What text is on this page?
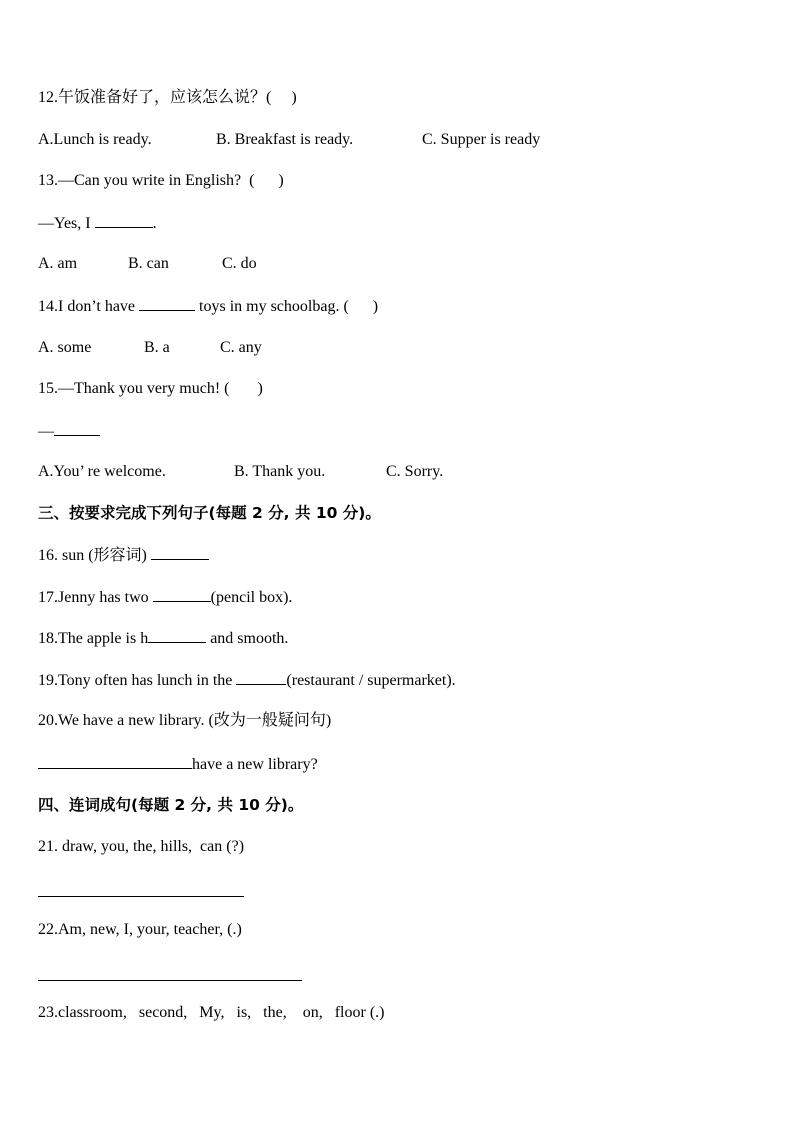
12.午饭准备好了，应该怎么说？(     )

A.Lunch is ready.

	B. Breakfast is ready.

	C. Supper is ready

13.—Can you write in English?  (      )
—Yes, I	.

A. am

	B. can

	C. do

14.I don’t have	toys in my schoolbag. (      )

A. some

	B. a

	C. any

15.—Thank you very much! (       )
—

A.You’ re welcome.

	B. Thank you.

	C. Sorry.

三、按要求完成下列句子(每题 2 分, 共 10 分)。
16. sun (形容词)
17.Jenny has two	(pencil box).
18.The apple is h	and smooth.
19.Tony often has lunch in the	(restaurant / supermarket).
20.We have a new library. (改为一般疑问句)
have a new library?
四、连词成句(每题 2 分, 共 10 分)。
21. draw, you, the, hills,  can (?)
22.Am, new, I, your, teacher, (.)
23.classroom,   second,   My,   is,   the,    on,   floor (.)
